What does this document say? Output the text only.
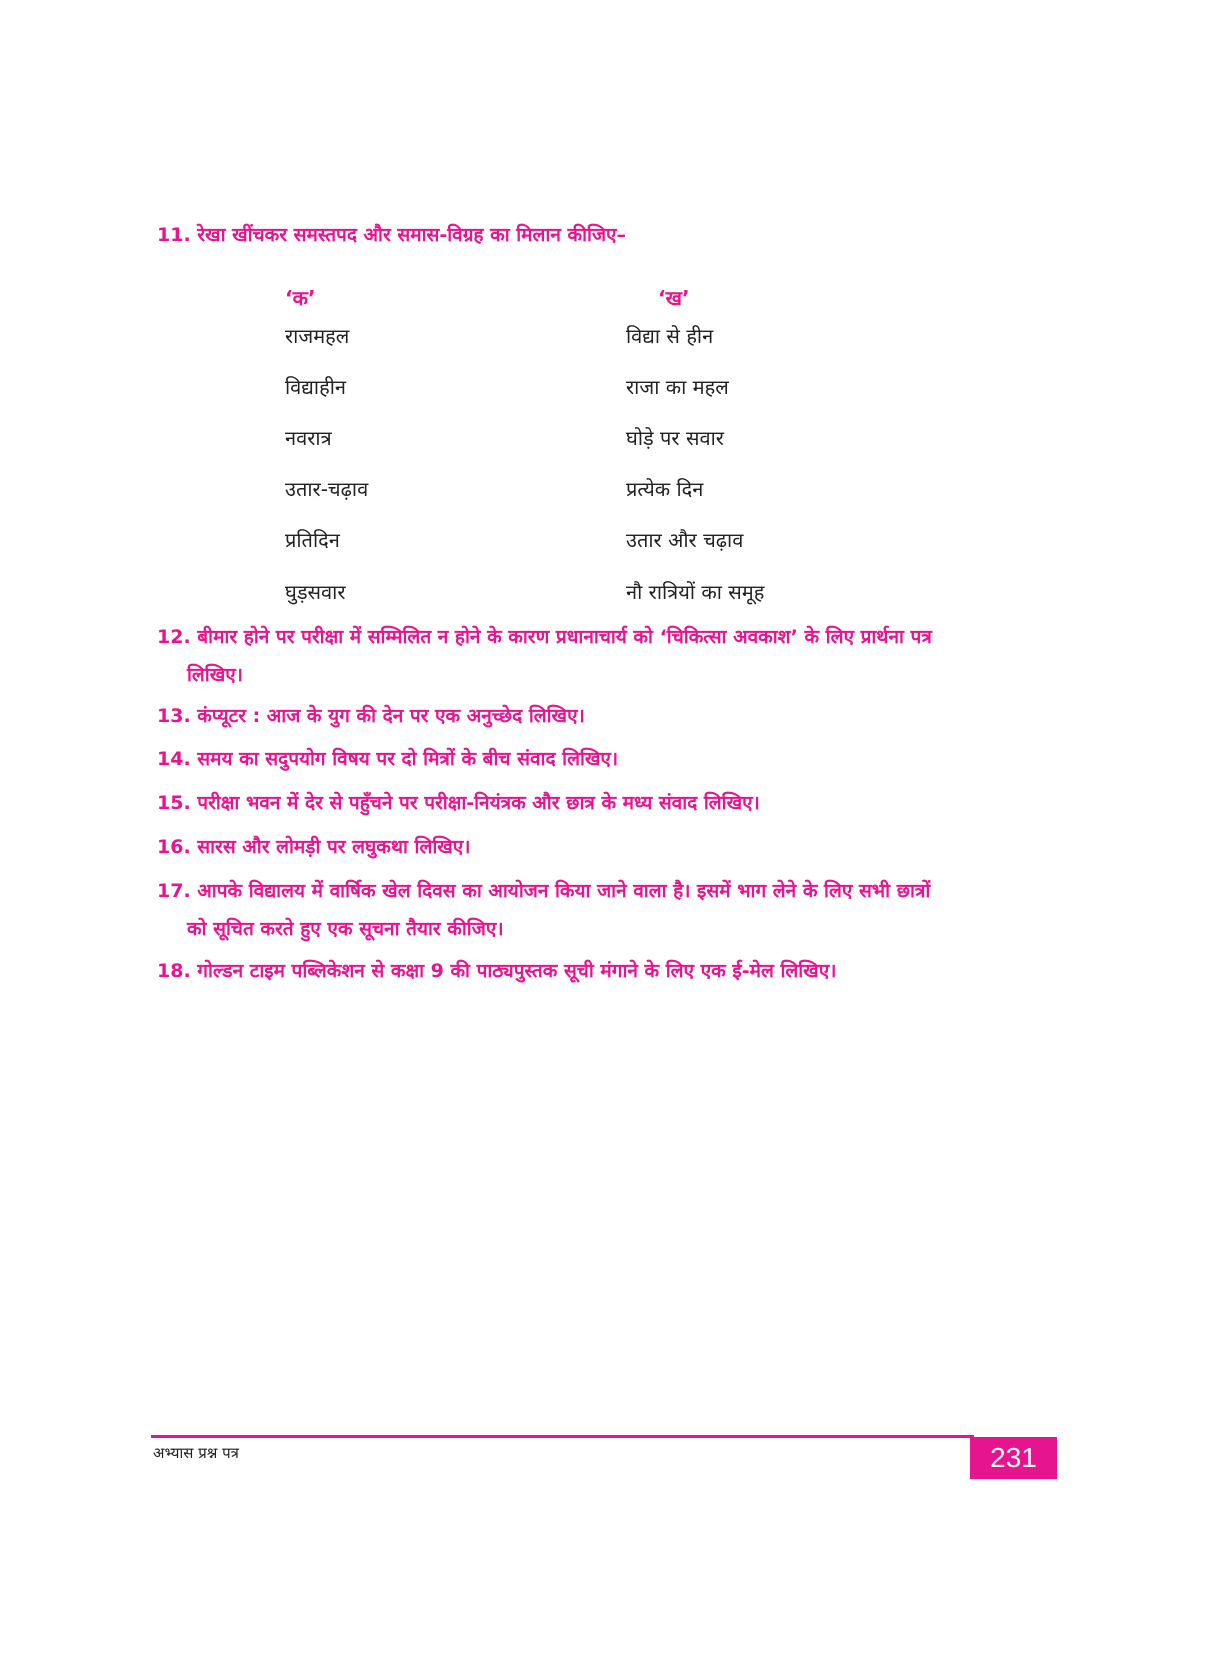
11. रेखा खींचकर समस्तपद और समास-विग्रह का मिलान कीजिए–
‘क’	‘ख’
राजमहल	विद्या से हीन
विद्याहीन	राजा का महल
नवरात्र	घोड़े पर सवार
उतार-चढ़ाव	प्रत्येक दिन
प्रतिदिन	उतार और चढ़ाव
घुड़सवार	नौ रात्रियों का समूह
12. बीमार होने पर परीक्षा में सम्मिलित न होने के कारण प्रधानाचार्य को ‘चिकित्सा अवकाश’ के लिए प्रार्थना पत्र
लिखिए।
13. कंप्यूटर : आज के युग की देन पर एक अनुच्छेद लिखिए।
14. समय का सदुपयोग विषय पर दो मित्रों के बीच संवाद लिखिए।
15. परीक्षा भवन में देर से पहुँचने पर परीक्षा-नियंत्रक और छात्र के मध्य संवाद लिखिए।
16. सारस और लोमड़ी पर लघुकथा लिखिए।
17. आपके विद्यालय में वार्षिक खेल दिवस का आयोजन किया जाने वाला है। इसमें भाग लेने के लिए सभी छात्रों
को सूचित करते हुए एक सूचना तैयार कीजिए।
18. गोल्डन टाइम पब्लिकेशन से कक्षा 9 की पाठ्यपुस्तक सूची मंगाने के लिए एक ई-मेल लिखिए।
अभ्यास प्रश्न पत्र	231
